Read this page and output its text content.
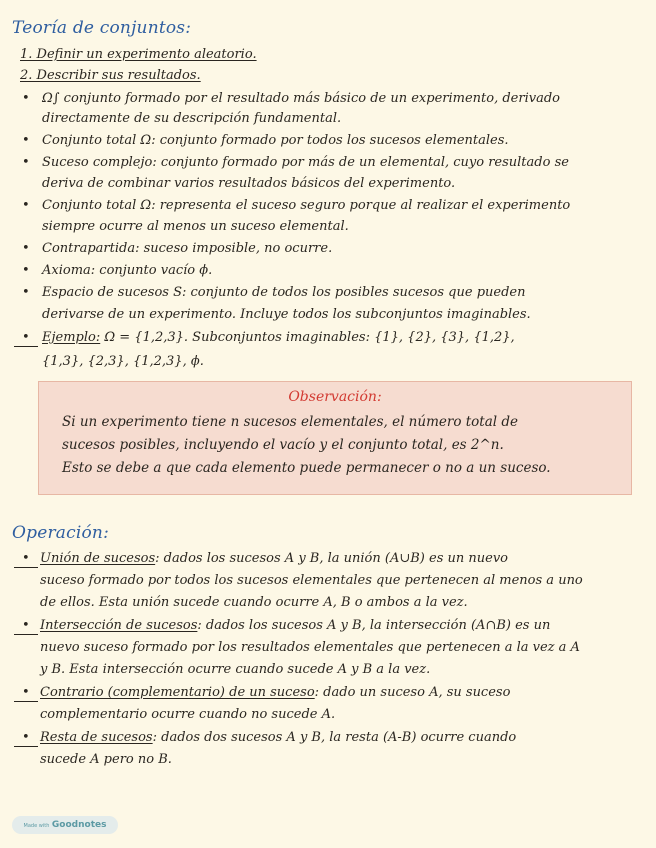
Teoría de conjuntos:
1. Definir un experimento aleatorio.
2. Describir sus resultados.
• Ω∫ conjunto formado por el resultado más básico de un experimento, derivado
directamente de su descripción fundamental.
• Conjunto total Ω: conjunto formado por todos los sucesos elementales.
• Suceso complejo: conjunto formado por más de un elemental, cuyo resultado se
deriva de combinar varios resultados básicos del experimento.
• Conjunto total Ω: representa el suceso seguro porque al realizar el experimento
siempre ocurre al menos un suceso elemental.
• Contrapartida: suceso imposible, no ocurre.
• Axioma: conjunto vacío ϕ.
• Espacio de sucesos S: conjunto de todos los posibles sucesos que pueden
derivarse de un experimento. Incluye todos los subconjuntos imaginables.
• Ejemplo: Ω = {1,2,3}. Subconjuntos imaginables: {1}, {2}, {3}, {1,2},
{1,3}, {2,3}, {1,2,3}, ϕ.
Observación:
Si un experimento tiene n sucesos elementales, el número total de
sucesos posibles, incluyendo el vacío y el conjunto total, es 2^n.
Esto se debe a que cada elemento puede permanecer o no a un suceso.
Operación:
• Unión de sucesos: dados los sucesos A y B, la unión (A∪B) es un nuevo
suceso formado por todos los sucesos elementales que pertenecen al menos a uno
de ellos. Esta unión sucede cuando ocurre A, B o ambos a la vez.
• Intersección de sucesos: dados los sucesos A y B, la intersección (A∩B) es un
nuevo suceso formado por los resultados elementales que pertenecen a la vez a A
y B. Esta intersección ocurre cuando sucede A y B a la vez.
• Contrario (complementario) de un suceso: dado un suceso A, su suceso
complementario ocurre cuando no sucede A.
• Resta de sucesos: dados dos sucesos A y B, la resta (A-B) ocurre cuando
sucede A pero no B.
Made with Goodnotes
